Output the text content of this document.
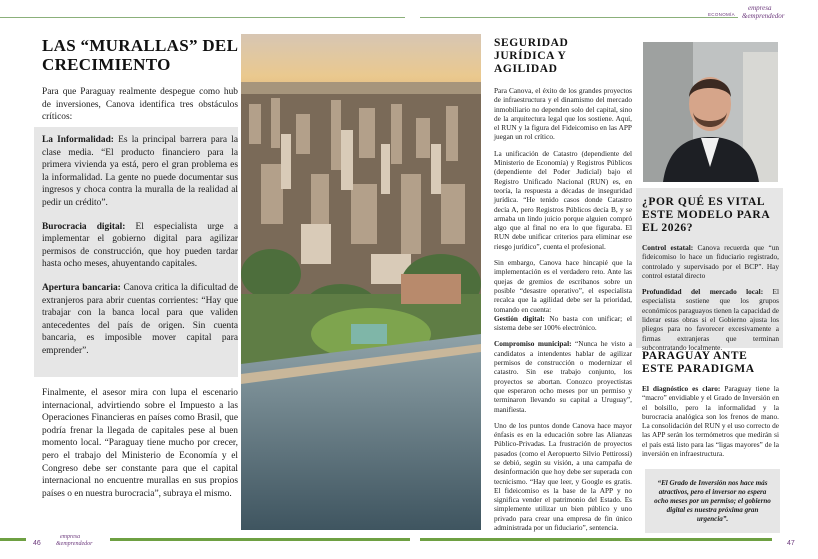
ECONOMÍA
empresa
&emprendedor
LAS “MURALLAS” DEL CRECIMIENTO

Para que Paraguay realmente despegue como hub de inversiones, Canova identifica tres obstáculos críticos:

La Informalidad: Es la principal barrera para la clase media. “El producto financiero para la primera vivienda ya está, pero el gran problema es la informalidad. La gente no puede documentar sus ingresos y choca contra la muralla de la realidad al pedir un crédito”.

Burocracia digital: El especialista urge a implementar el gobierno digital para agilizar permisos de construcción, que hoy pueden tardar hasta ocho meses, ahuyentando capitales.

Apertura bancaria: Canova critica la dificultad de extranjeros para abrir cuentas corrientes: “Hay que trabajar con la banca local para que validen antecedentes del país de origen. Sin cuenta bancaria, es imposible mover capital para emprender”.

Finalmente, el asesor mira con lupa el escenario internacional, advirtiendo sobre el Impuesto a las Operaciones Financieras en países como Brasil, que podría frenar la llegada de capitales pese al buen momento local. “Paraguay tiene mucho por crecer, pero el trabajo del Ministerio de Economía y el Congreso debe ser constante para que el capital internacional no encuentre murallas en sus propios países o en nuestra burocracia”, subraya el mismo.

46
empresa
&emprendedor
SEGURIDAD JURÍDICA Y AGILIDAD

Para Canova, el éxito de los grandes proyectos de infraestructura y el dinamismo del mercado inmobiliario no dependen solo del capital, sino de la arquitectura legal que los sostiene. Aquí, el RUN y la figura del Fideicomiso en las APP juegan un rol crítico.

La unificación de Catastro (dependiente del Ministerio de Economía) y Registros Públicos (dependiente del Poder Judicial) bajo el Registro Unificado Nacional (RUN) es, en teoría, la respuesta a décadas de inseguridad jurídica. “He tenido casos donde Catastro decía A, pero Registros Públicos decía B, y se armaba un lindo juicio porque alguien compró algo que al final no era lo que figuraba. El RUN debe unificar criterios para eliminar ese riesgo jurídico”, cuenta el profesional.

Sin embargo, Canova hace hincapié que la implementación es el verdadero reto. Ante las quejas de gremios de escribanos sobre un posible “desastre operativo”, el especialista recalca que la agilidad debe ser la prioridad, tomando en cuenta:

Gestión digital: No basta con unificar; el sistema debe ser 100% electrónico.

Compromiso municipal: “Nunca he visto a candidatos a intendentes hablar de agilizar permisos de construcción o modernizar el catastro. Sin ese trabajo conjunto, los proyectos se abortan. Conozco proyectistas que esperaron ocho meses por un permiso y terminaron llevando su capital a Uruguay”, manifiesta.

Uno de los puntos donde Canova hace mayor énfasis es en la educación sobre las Alianzas Público-Privadas. La frustración de proyectos pasados (como el Aeropuerto Silvio Pettirossi) se debió, según su visión, a una campaña de desinformación que hoy debe ser superada con tecnicismo. “Hay que leer, y Google es gratis. El fideicomiso es la base de la APP y no significa vender el patrimonio del Estado. Es simplemente utilizar un bien público y uno privado para crear una empresa de fin único administrada por un fiduciario”, sentencia.

¿POR QUÉ ES VITAL ESTE MODELO PARA EL 2026?

Control estatal: Canova recuerda que “un fideicomiso lo hace un fiduciario registrado, controlado y supervisado por el BCP”. Hay control estatal directo

Profundidad del mercado local: El especialista sostiene que los grupos económicos paraguayos tienen la capacidad de liderar estas obras si el Gobierno ajusta los pliegos para no favorecer excesivamente a firmas extranjeras que terminan subcontratando localmente.

PARAGUAY ANTE ESTE PARADIGMA

El diagnóstico es claro: Paraguay tiene la “macro” envidiable y el Grado de Inversión en el bolsillo, pero la informalidad y la burocracia analógica son los frenos de mano. La consolidación del RUN y el uso correcto de las APP serán los termómetros que medirán si el país está listo para las “ligas mayores” de la inversión en infraestructura.

“El Grado de Inversión nos hace más atractivos, pero el inversor no espera ocho meses por un permiso; el gobierno digital es nuestra próxima gran urgencia”.
47
